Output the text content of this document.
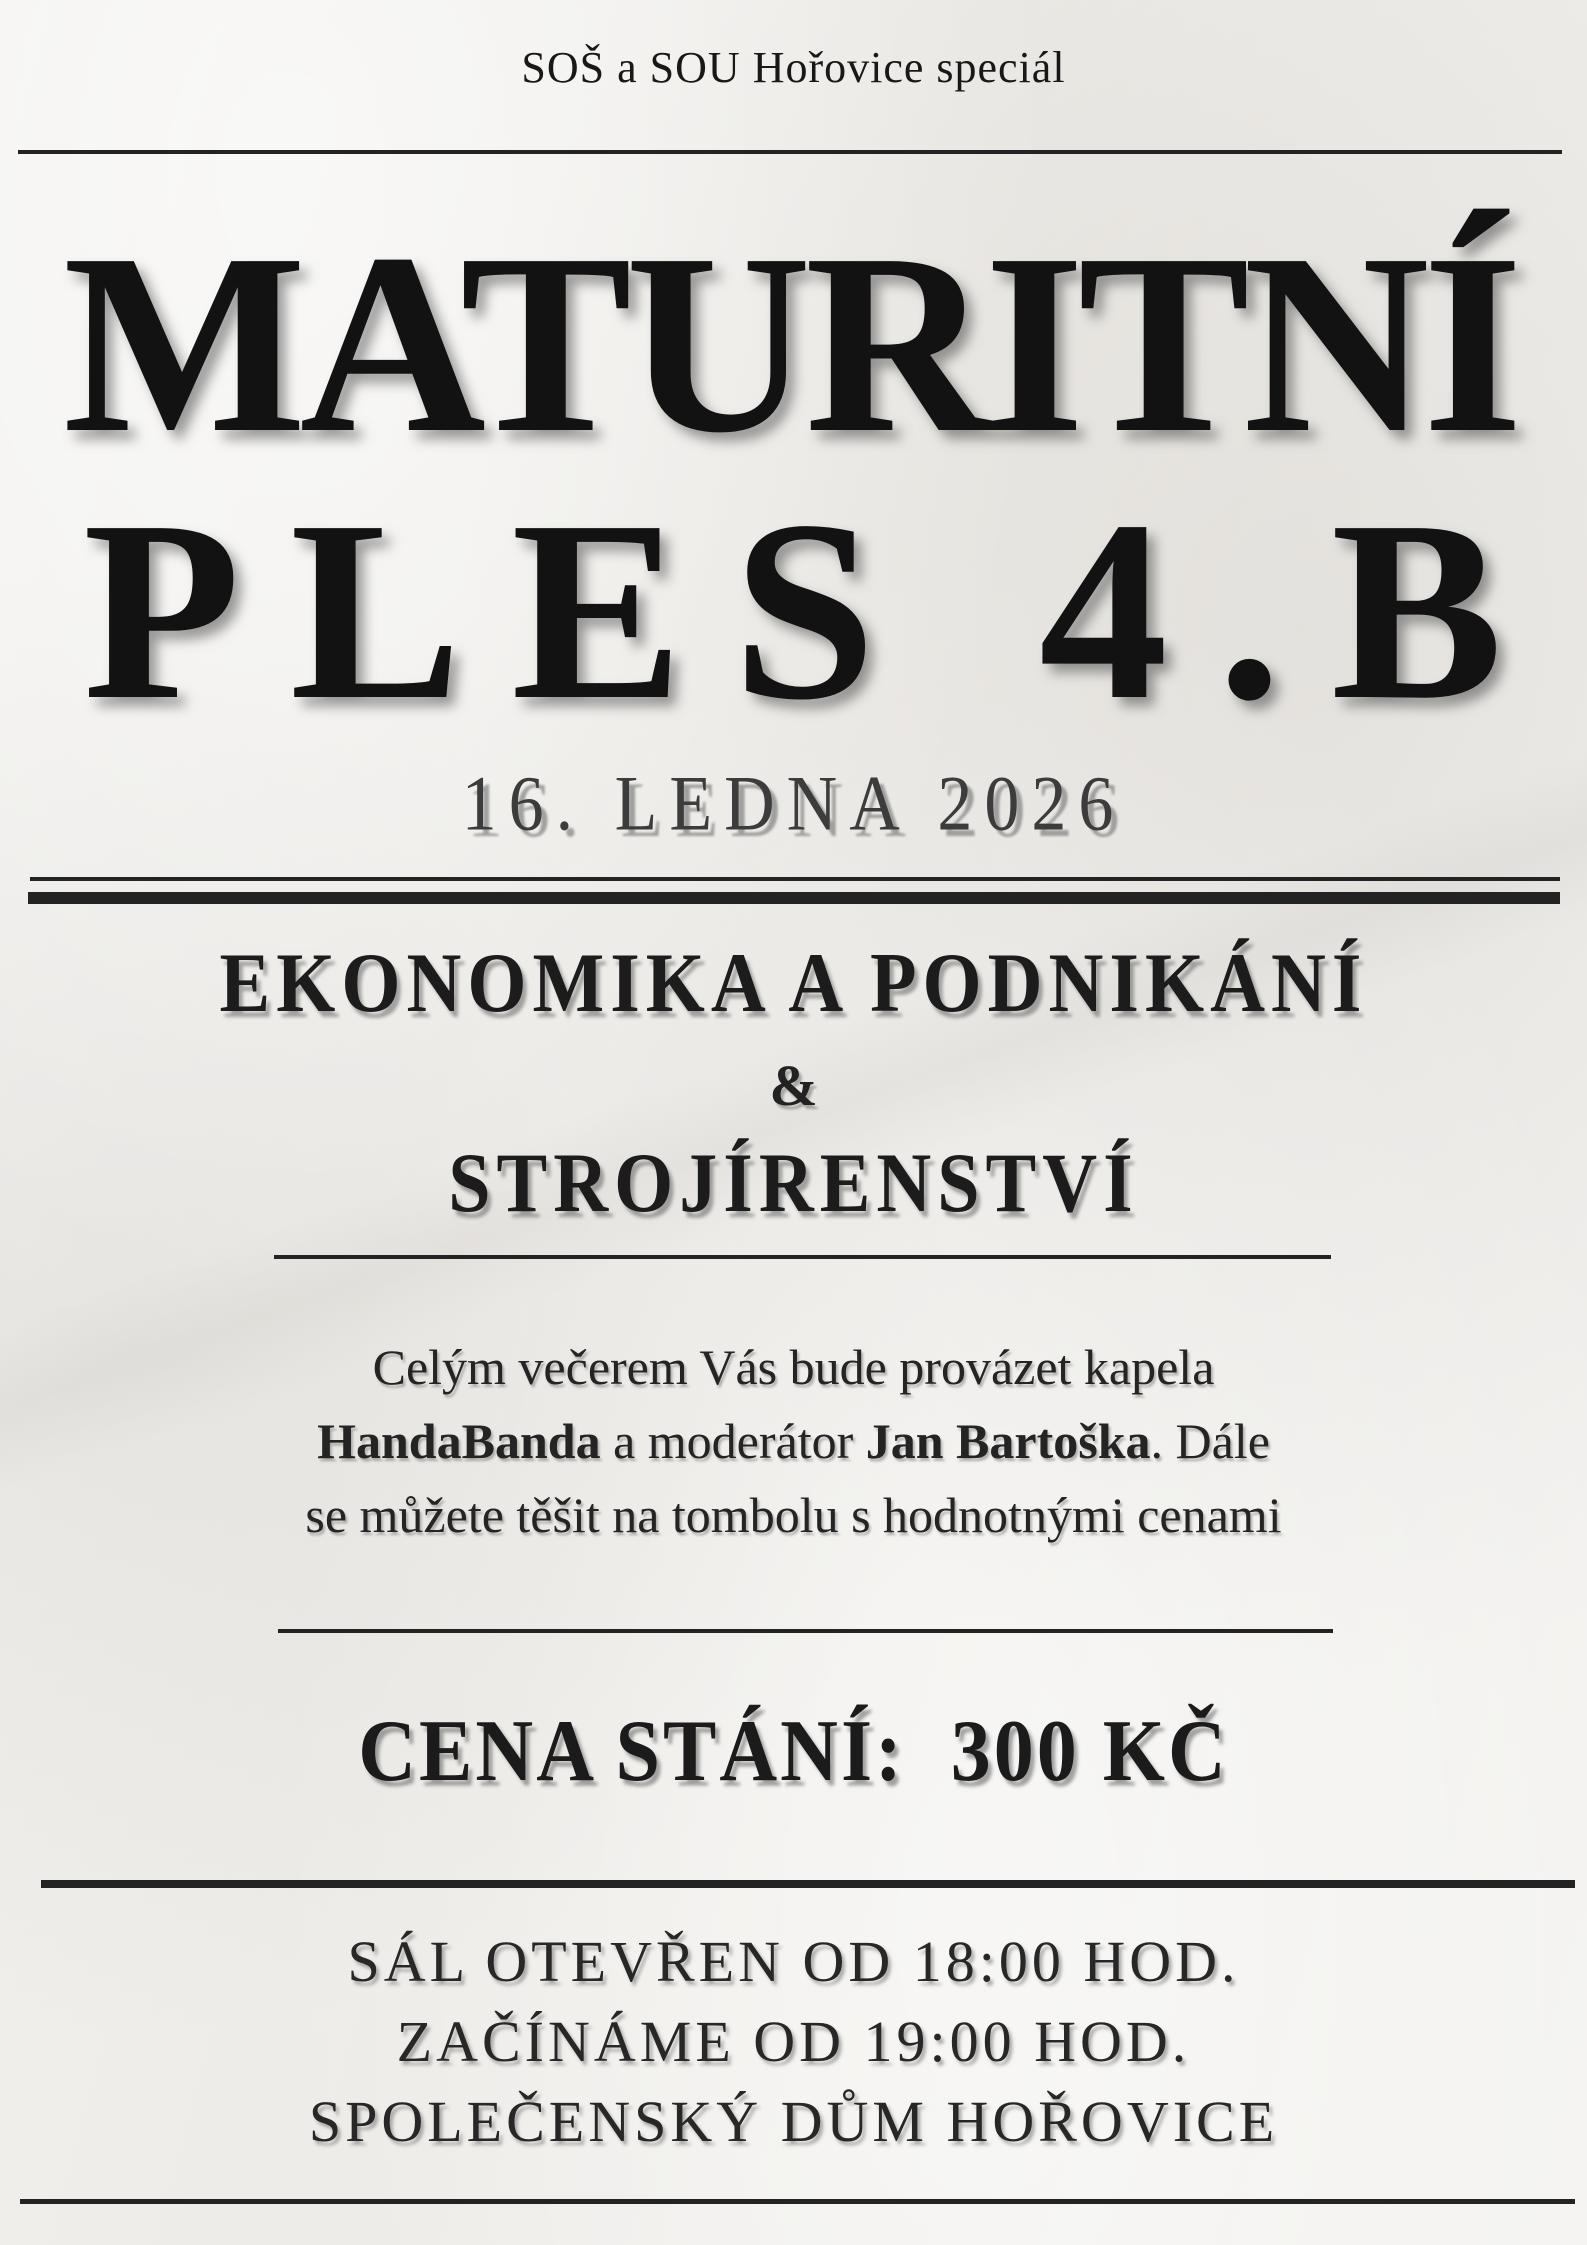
SOŠ a SOU Hořovice speciál
MATURITNÍ
PLES 4.B
16. LEDNA 2026
EKONOMIKA A PODNIKÁNÍ
&
STROJÍRENSTVÍ
Celým večerem Vás bude provázet kapela
HandaBanda a moderátor Jan Bartoška. Dále
se můžete těšit na tombolu s hodnotnými cenami
CENA STÁNÍ: 300 KČ
SÁL OTEVŘEN OD 18:00 HOD.
ZAČÍNÁME OD 19:00 HOD.
SPOLEČENSKÝ DŮM HOŘOVICE
